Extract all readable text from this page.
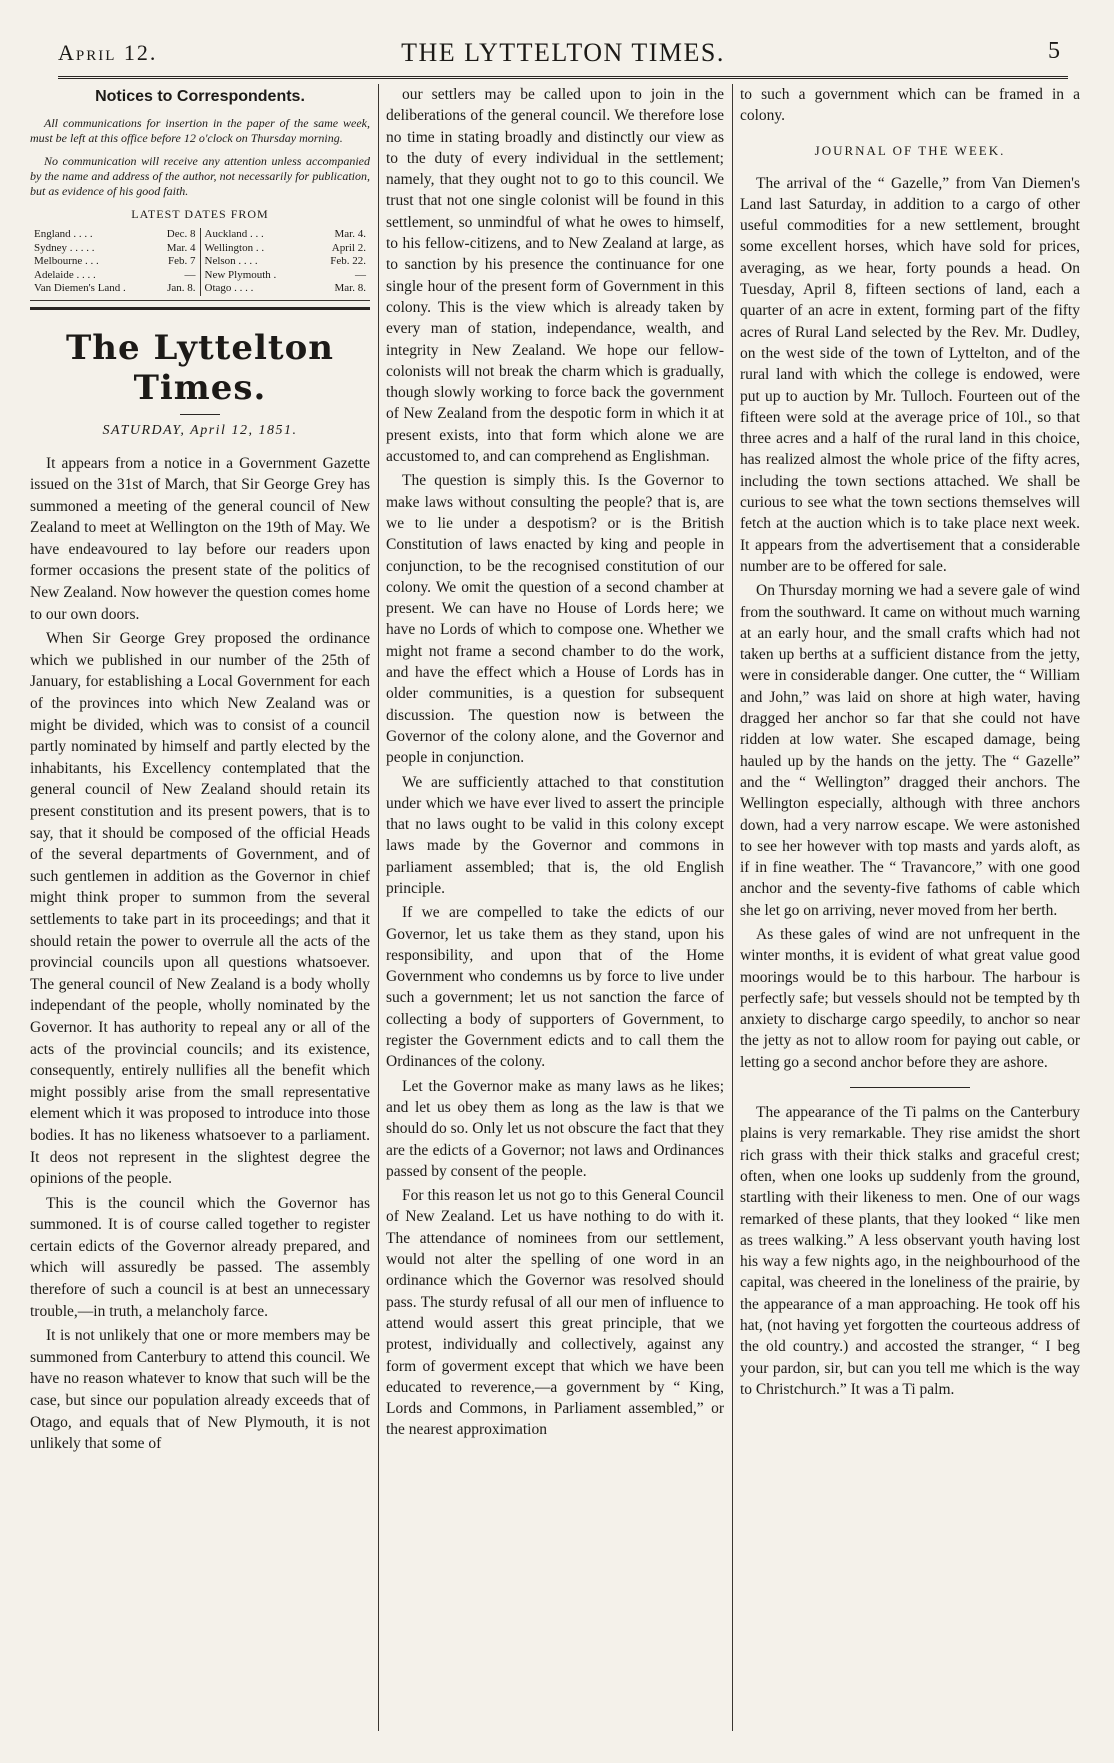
April 12.	THE LYTTELTON TIMES.	5
Notices to Correspondents.
All communications for insertion in the paper of the same week, must be left at this office before 12 o'clock on Thursday morning.
No communication will receive any attention unless accompanied by the name and address of the author, not necessarily for publication, but as evidence of his good faith.
LATEST DATES FROM
England . . . .	Dec. 8
Sydney . . . . .	Mar. 4
Melbourne . . .	Feb. 7
Adelaide . . . .	—
Van Diemen's Land .	Jan. 8.
Auckland . . .	Mar. 4.
Wellington . .	April 2.
Nelson . . . .	Feb. 22.
New Plymouth .	—
Otago . . . .	Mar. 8.
The Lyttelton Times.
SATURDAY, April 12, 1851.

It appears from a notice in a Government Gazette issued on the 31st of March, that Sir George Grey has summoned a meeting of the general council of New Zealand to meet at Wellington on the 19th of May. We have endeavoured to lay before our readers upon former occasions the present state of the politics of New Zealand. Now however the question comes home to our own doors.

When Sir George Grey proposed the ordinance which we published in our number of the 25th of January, for establishing a Local Government for each of the provinces into which New Zealand was or might be divided, which was to consist of a council partly nominated by himself and partly elected by the inhabitants, his Excellency contemplated that the general council of New Zealand should retain its present constitution and its present powers, that is to say, that it should be composed of the official Heads of the several departments of Government, and of such gentlemen in addition as the Governor in chief might think proper to summon from the several settlements to take part in its proceedings; and that it should retain the power to overrule all the acts of the provincial councils upon all questions whatsoever. The general council of New Zealand is a body wholly independant of the people, wholly nominated by the Governor. It has authority to repeal any or all of the acts of the provincial councils; and its existence, consequently, entirely nullifies all the benefit which might possibly arise from the small representative element which it was proposed to introduce into those bodies. It has no likeness whatsoever to a parliament. It deos not represent in the slightest degree the opinions of the people.

This is the council which the Governor has summoned. It is of course called together to register certain edicts of the Governor already prepared, and which will assuredly be passed. The assembly therefore of such a council is at best an unnecessary trouble,—in truth, a melancholy farce.

It is not unlikely that one or more members may be summoned from Canterbury to attend this council. We have no reason whatever to know that such will be the case, but since our population already exceeds that of Otago, and equals that of New Plymouth, it is not unlikely that some of

our settlers may be called upon to join in the deliberations of the general council. We therefore lose no time in stating broadly and distinctly our view as to the duty of every individual in the settlement; namely, that they ought not to go to this council. We trust that not one single colonist will be found in this settlement, so unmindful of what he owes to himself, to his fellow-citizens, and to New Zealand at large, as to sanction by his presence the continuance for one single hour of the present form of Government in this colony. This is the view which is already taken by every man of station, independance, wealth, and integrity in New Zealand. We hope our fellow-colonists will not break the charm which is gradually, though slowly working to force back the government of New Zealand from the despotic form in which it at present exists, into that form which alone we are accustomed to, and can comprehend as Englishman.

The question is simply this. Is the Governor to make laws without consulting the people? that is, are we to lie under a despotism? or is the British Constitution of laws enacted by king and people in conjunction, to be the recognised constitution of our colony. We omit the question of a second chamber at present. We can have no House of Lords here; we have no Lords of which to compose one. Whether we might not frame a second chamber to do the work, and have the effect which a House of Lords has in older communities, is a question for subsequent discussion. The question now is between the Governor of the colony alone, and the Governor and people in conjunction.

We are sufficiently attached to that constitution under which we have ever lived to assert the principle that no laws ought to be valid in this colony except laws made by the Governor and commons in parliament assembled; that is, the old English principle.

If we are compelled to take the edicts of our Governor, let us take them as they stand, upon his responsibility, and upon that of the Home Government who condemns us by force to live under such a government; let us not sanction the farce of collecting a body of supporters of Government, to register the Government edicts and to call them the Ordinances of the colony.

Let the Governor make as many laws as he likes; and let us obey them as long as the law is that we should do so. Only let us not obscure the fact that they are the edicts of a Governor; not laws and Ordinances passed by consent of the people.

For this reason let us not go to this General Council of New Zealand. Let us have nothing to do with it. The attendance of nominees from our settlement, would not alter the spelling of one word in an ordinance which the Governor was resolved should pass. The sturdy refusal of all our men of influence to attend would assert this great principle, that we protest, individually and collectively, against any form of goverment except that which we have been educated to reverence,—a government by “ King, Lords and Commons, in Parliament assembled,” or the nearest approximation

to such a government which can be framed in a colony.

JOURNAL OF THE WEEK.

The arrival of the “ Gazelle,” from Van Diemen's Land last Saturday, in addition to a cargo of other useful commodities for a new settlement, brought some excellent horses, which have sold for prices, averaging, as we hear, forty pounds a head. On Tuesday, April 8, fifteen sections of land, each a quarter of an acre in extent, forming part of the fifty acres of Rural Land selected by the Rev. Mr. Dudley, on the west side of the town of Lyttelton, and of the rural land with which the college is endowed, were put up to auction by Mr. Tulloch. Fourteen out of the fifteen were sold at the average price of 10l., so that three acres and a half of the rural land in this choice, has realized almost the whole price of the fifty acres, including the town sections attached. We shall be curious to see what the town sections themselves will fetch at the auction which is to take place next week. It appears from the advertisement that a considerable number are to be offered for sale.

On Thursday morning we had a severe gale of wind from the southward. It came on without much warning at an early hour, and the small crafts which had not taken up berths at a sufficient distance from the jetty, were in considerable danger. One cutter, the “ William and John,” was laid on shore at high water, having dragged her anchor so far that she could not have ridden at low water. She escaped damage, being hauled up by the hands on the jetty. The “ Gazelle” and the “ Wellington” dragged their anchors. The Wellington especially, although with three anchors down, had a very narrow escape. We were astonished to see her however with top masts and yards aloft, as if in fine weather. The “ Travancore,” with one good anchor and the seventy-five fathoms of cable which she let go on arriving, never moved from her berth.

As these gales of wind are not unfrequent in the winter months, it is evident of what great value good moorings would be to this harbour. The harbour is perfectly safe; but vessels should not be tempted by th anxiety to discharge cargo speedily, to anchor so near the jetty as not to allow room for paying out cable, or letting go a second anchor before they are ashore.

The appearance of the Ti palms on the Canterbury plains is very remarkable. They rise amidst the short rich grass with their thick stalks and graceful crest; often, when one looks up suddenly from the ground, startling with their likeness to men. One of our wags remarked of these plants, that they looked “ like men as trees walking.” A less observant youth having lost his way a few nights ago, in the neighbourhood of the capital, was cheered in the loneliness of the prairie, by the appearance of a man approaching. He took off his hat, (not having yet forgotten the courteous address of the old country.) and accosted the stranger, “ I beg your pardon, sir, but can you tell me which is the way to Christchurch.” It was a Ti palm.
